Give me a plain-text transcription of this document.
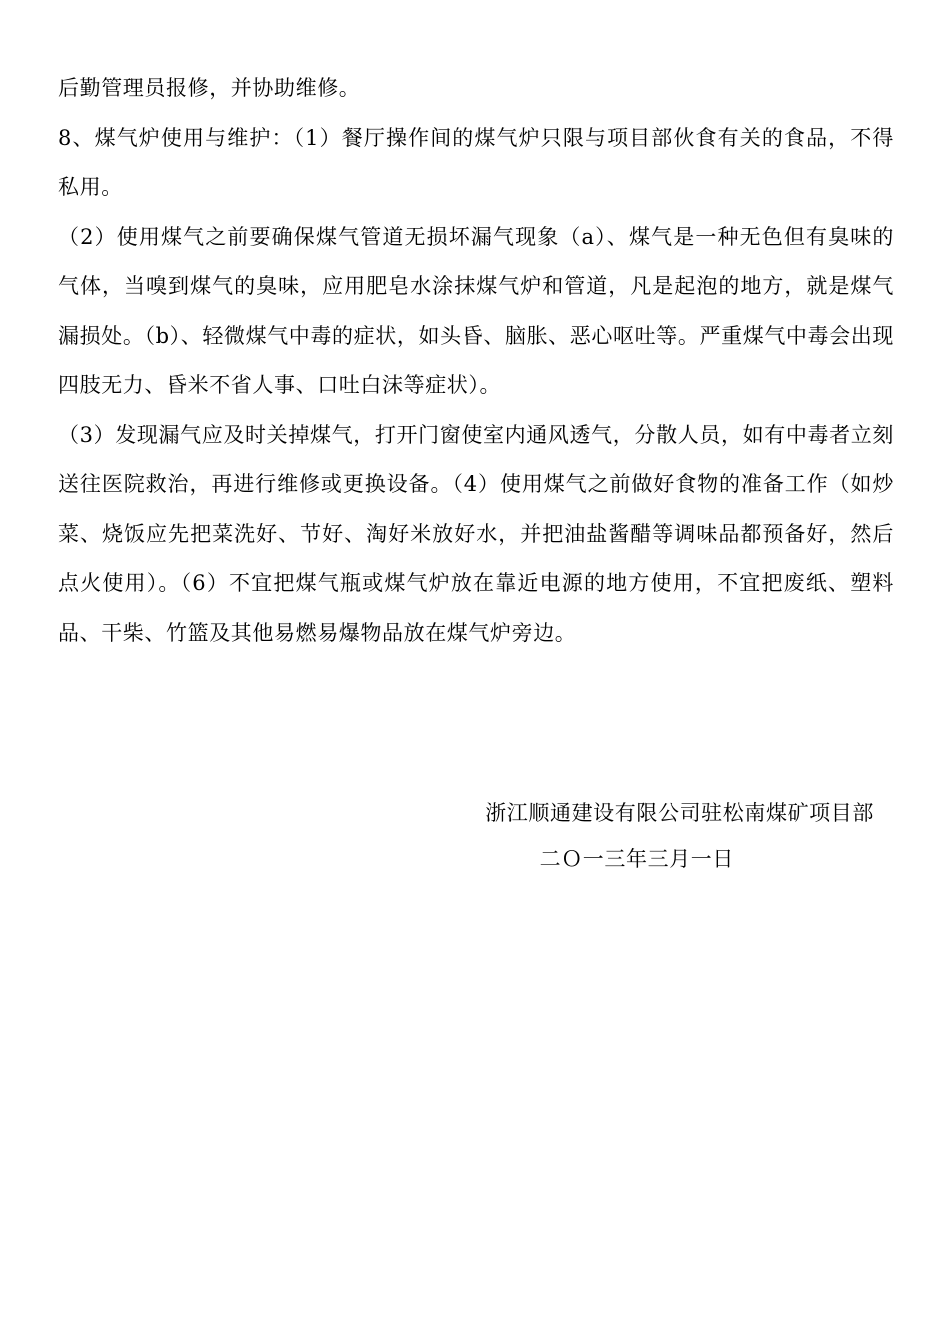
后勤管理员报修，并协助维修。

8、煤气炉使用与维护：（1）餐厅操作间的煤气炉只限与项目部伙食有关的食品，不得私用。

（2）使用煤气之前要确保煤气管道无损坏漏气现象（a）、煤气是一种无色但有臭味的气体，当嗅到煤气的臭味，应用肥皂水涂抹煤气炉和管道，凡是起泡的地方，就是煤气漏损处。（b）、轻微煤气中毒的症状，如头昏、脑胀、恶心呕吐等。严重煤气中毒会出现四肢无力、昏米不省人事、口吐白沫等症状）。

（3）发现漏气应及时关掉煤气，打开门窗使室内通风透气，分散人员，如有中毒者立刻送往医院救治，再进行维修或更换设备。（4）使用煤气之前做好食物的准备工作（如炒菜、烧饭应先把菜洗好、节好、淘好米放好水，并把油盐酱醋等调味品都预备好，然后点火使用）。（6）不宜把煤气瓶或煤气炉放在靠近电源的地方使用，不宜把废纸、塑料品、干柴、竹篮及其他易燃易爆物品放在煤气炉旁边。

浙江顺通建设有限公司驻松南煤矿项目部
二Ｏ一三年三月一日
